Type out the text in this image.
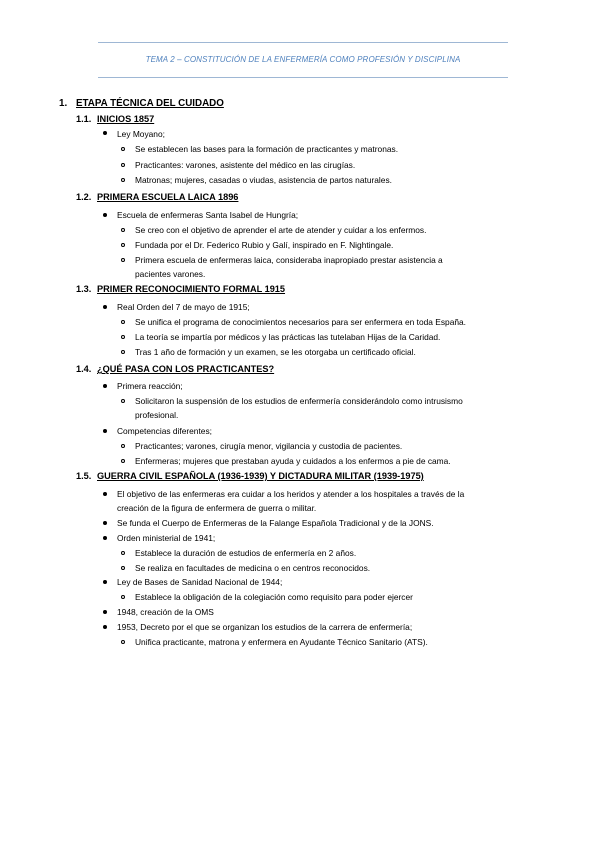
TEMA 2 – CONSTITUCIÓN DE LA ENFERMERÍA COMO PROFESIÓN Y DISCIPLINA
1. ETAPA TÉCNICA DEL CUIDADO
1.1. INICIOS 1857
Ley Moyano;
Se establecen las bases para la formación de practicantes y matronas.
Practicantes: varones, asistente del médico en las cirugías.
Matronas; mujeres, casadas o viudas, asistencia de partos naturales.
1.2. PRIMERA ESCUELA LAICA 1896
Escuela de enfermeras Santa Isabel de Hungría;
Se creo con el objetivo de aprender el arte de atender y cuidar a los enfermos.
Fundada por el Dr. Federico Rubio y Galí, inspirado en F. Nightingale.
Primera escuela de enfermeras laica, consideraba inapropiado prestar asistencia a
pacientes varones.
1.3. PRIMER RECONOCIMIENTO FORMAL 1915
Real Orden del 7 de mayo de 1915;
Se unifica el programa de conocimientos necesarios para ser enfermera en toda España.
La teoría se impartía por médicos y las prácticas las tutelaban Hijas de la Caridad.
Tras 1 año de formación y un examen, se les otorgaba un certificado oficial.
1.4. ¿QUÉ PASA CON LOS PRACTICANTES?
Primera reacción;
Solicitaron la suspensión de los estudios de enfermería considerándolo como intrusismo
profesional.
Competencias diferentes;
Practicantes; varones, cirugía menor, vigilancia y custodia de pacientes.
Enfermeras; mujeres que prestaban ayuda y cuidados a los enfermos a pie de cama.
1.5. GUERRA CIVIL ESPAÑOLA (1936-1939) Y DICTADURA MILITAR (1939-1975)
El objetivo de las enfermeras era cuidar a los heridos y atender a los hospitales a través de la
creación de la figura de enfermera de guerra o militar.
Se funda el Cuerpo de Enfermeras de la Falange Española Tradicional y de la JONS.
Orden ministerial de 1941;
Establece la duración de estudios de enfermería en 2 años.
Se realiza en facultades de medicina o en centros reconocidos.
Ley de Bases de Sanidad Nacional de 1944;
Establece la obligación de la colegiación como requisito para poder ejercer
1948, creación de la OMS
1953, Decreto por el que se organizan los estudios de la carrera de enfermería;
Unifica practicante, matrona y enfermera en Ayudante Técnico Sanitario (ATS).
